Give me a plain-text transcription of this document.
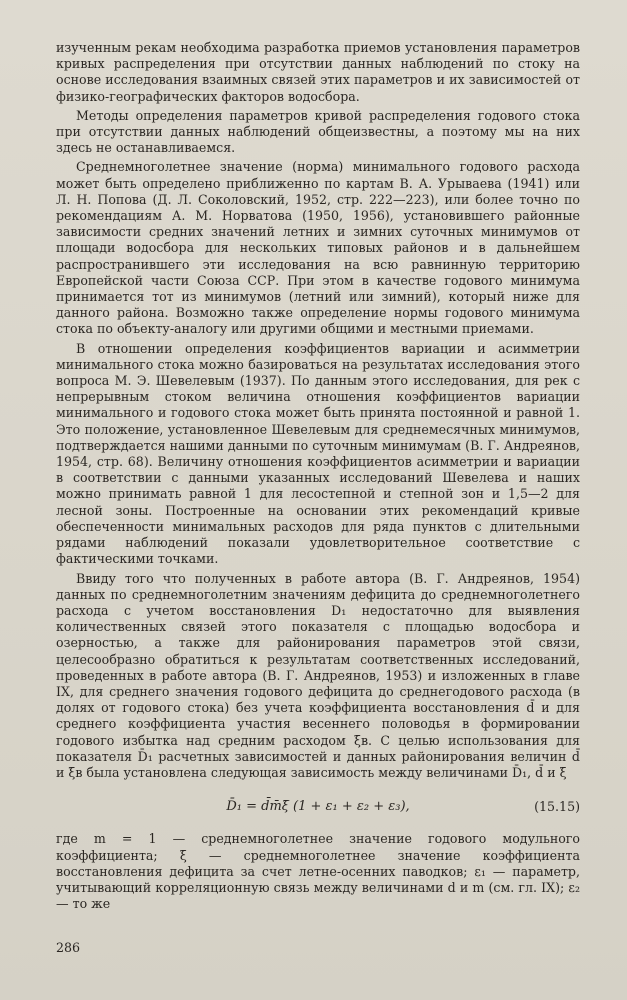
изученным рекам необходима разработка приемов установления параметров кривых распределения при отсутствии данных наблюдений по стоку на основе исследования взаимных связей этих параметров и их зависимостей от физико-географических факторов водосбора.

Методы определения параметров кривой распределения годового стока при отсутствии данных наблюдений общеизвестны, а поэтому мы на них здесь не останавливаемся.

Среднемноголетнее значение (норма) минимального годового расхода может быть определено приближенно по картам В. А. Урываева (1941) или Л. Н. Попова (Д. Л. Соколовский, 1952, стр. 222—223), или более точно по рекомендациям А. М. Норватова (1950, 1956), установившего районные зависимости средних значений летних и зимних суточных минимумов от площади водосбора для нескольких типовых районов и в дальнейшем распространившего эти исследования на всю равнинную территорию Европейской части Союза ССР. При этом в качестве годового минимума принимается тот из минимумов (летний или зимний), который ниже для данного района. Возможно также определение нормы годового минимума стока по объекту-аналогу или другими общими и местными приемами.

В отношении определения коэффициентов вариации и асимметрии минимального стока можно базироваться на результатах исследования этого вопроса М. Э. Шевелевым (1937). По данным этого исследования, для рек с непрерывным стоком величина отношения коэффициентов вариации минимального и годового стока может быть принята постоянной и равной 1. Это положение, установленное Шевелевым для среднемесячных минимумов, подтверждается нашими данными по суточным минимумам (В. Г. Андреянов, 1954, стр. 68). Величину отношения коэффициентов асимметрии и вариации в соответствии с данными указанных исследований Шевелева и наших можно принимать равной 1 для лесостепной и степной зон и 1,5—2 для лесной зоны. Построенные на основании этих рекомендаций кривые обеспеченности минимальных расходов для ряда пунктов с длительными рядами наблюдений показали удовлетворительное соответствие с фактическими точками.

Ввиду того что полученных в работе автора (В. Г. Андреянов, 1954) данных по среднемноголетним значениям дефицита до среднемноголетнего расхода с учетом восстановления D₁ недостаточно для выявления количественных связей этого показателя с площадью водосбора и озерностью, а также для районирования параметров этой связи, целесообразно обратиться к результатам соответственных исследований, проведенных в работе автора (В. Г. Андреянов, 1953) и изложенных в главе IX, для среднего значения годового дефицита до среднегодового расхода (в долях от годового стока) без учета коэффициента восстановления d̄ и для среднего коэффициента участия весеннего половодья в формировании годового избытка над средним расходом ξ̄в. С целью использования для показателя D̄₁ расчетных зависимостей и данных районирования величин d̄ и ξ̄в была установлена следующая зависимость между величинами D̄₁, d̄ и ξ̄

D̄₁ = d̄m̄ξ̄ (1 + ε₁ + ε₂ + ε₃),	(15.15)

где m = 1 — среднемноголетнее значение годового модульного коэффициента; ξ̄ — среднемноголетнее значение коэффициента восстановления дефицита за счет летне-осенних паводков; ε₁ — параметр, учитывающий корреляционную связь между величинами d и m (см. гл. IX); ε₂ — то же

286
